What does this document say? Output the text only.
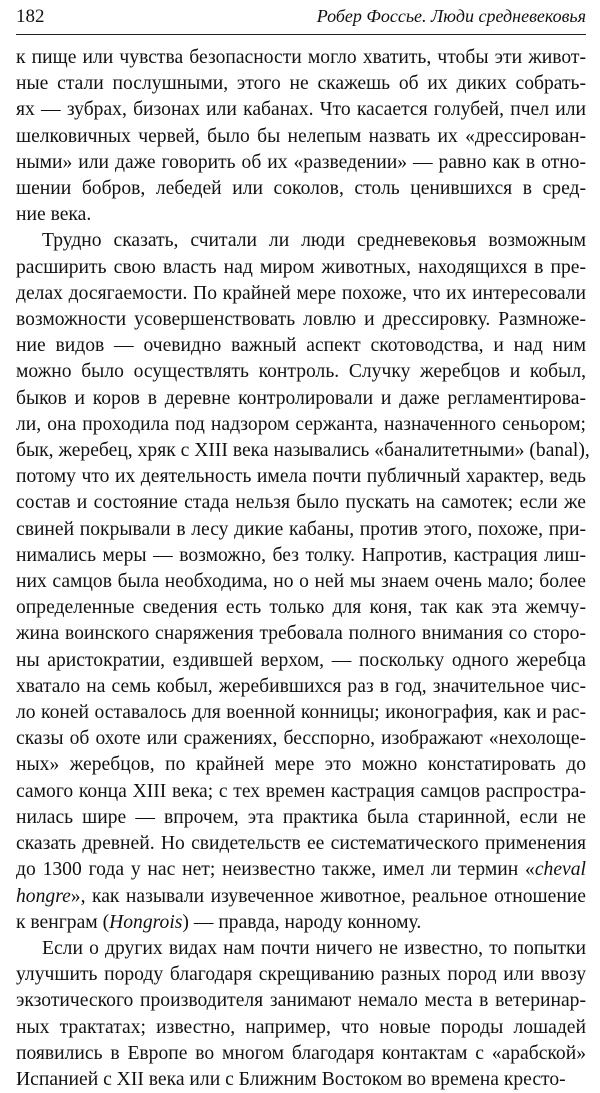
182	Робер Фоссье. Люди средневековья

к пище или чувства безопасности могло хватить, чтобы эти живот-
ные стали послушными, этого не скажешь об их диких собрать-
ях — зубрах, бизонах или кабанах. Что касается голубей, пчел или
шелковичных червей, было бы нелепым назвать их «дрессирован-
ными» или даже говорить об их «разведении» — равно как в отно-
шении бобров, лебедей или соколов, столь ценившихся в сред-
ние века.

Трудно сказать, считали ли люди средневековья возможным
расширить свою власть над миром животных, находящихся в пре-
делах досягаемости. По крайней мере похоже, что их интересовали
возможности усовершенствовать ловлю и дрессировку. Размноже-
ние видов — очевидно важный аспект скотоводства, и над ним
можно было осуществлять контроль. Случку жеребцов и кобыл,
быков и коров в деревне контролировали и даже регламентирова-
ли, она проходила под надзором сержанта, назначенного сеньором;
бык, жеребец, хряк с XIII века назывались «баналитетными» (banal),
потому что их деятельность имела почти публичный характер, ведь
состав и состояние стада нельзя было пускать на самотек; если же
свиней покрывали в лесу дикие кабаны, против этого, похоже, при-
нимались меры — возможно, без толку. Напротив, кастрация лиш-
них самцов была необходима, но о ней мы знаем очень мало; более
определенные сведения есть только для коня, так как эта жемчу-
жина воинского снаряжения требовала полного внимания со сторо-
ны аристократии, ездившей верхом, — поскольку одного жеребца
хватало на семь кобыл, жеребившихся раз в год, значительное чис-
ло коней оставалось для военной конницы; иконография, как и рас-
сказы об охоте или сражениях, бесспорно, изображают «нехолоще-
ных» жеребцов, по крайней мере это можно констатировать до
самого конца XIII века; с тех времен кастрация самцов распростра-
нилась шире — впрочем, эта практика была старинной, если не
сказать древней. Но свидетельств ее систематического применения
до 1300 года у нас нет; неизвестно также, имел ли термин «cheval
hongre», как называли изувеченное животное, реальное отношение
к венграм (Hongrois) — правда, народу конному.

Если о других видах нам почти ничего не известно, то попытки
улучшить породу благодаря скрещиванию разных пород или ввозу
экзотического производителя занимают немало места в ветеринар-
ных трактатах; известно, например, что новые породы лошадей
появились в Европе во многом благодаря контактам с «арабской»
Испанией с XII века или с Ближним Востоком во времена кресто-
